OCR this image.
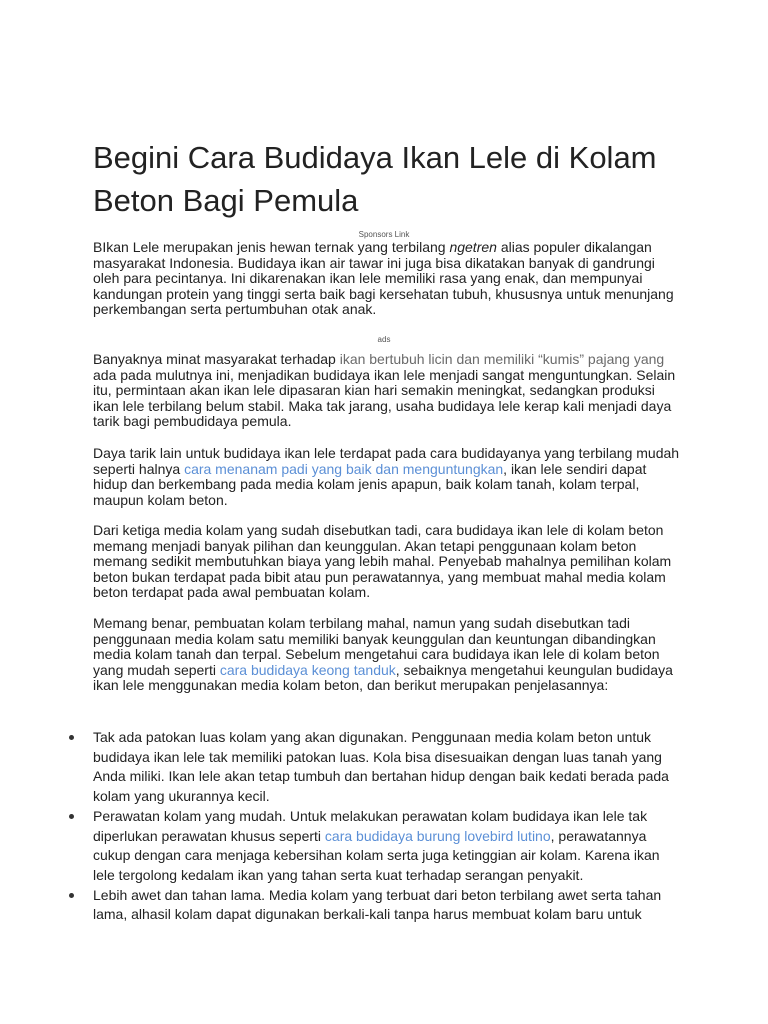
Begini Cara Budidaya Ikan Lele di Kolam Beton Bagi Pemula
Sponsors Link

BIkan Lele merupakan jenis hewan ternak yang terbilang ngetren alias populer dikalangan masyarakat Indonesia. Budidaya ikan air tawar ini juga bisa dikatakan banyak di gandrungi oleh para pecintanya. Ini dikarenakan ikan lele memiliki rasa yang enak, dan mempunyai kandungan protein yang tinggi serta baik bagi kersehatan tubuh, khususnya untuk menunjang perkembangan serta pertumbuhan otak anak.

ads

Banyaknya minat masyarakat terhadap ikan bertubuh licin dan memiliki “kumis” pajang yang ada pada mulutnya ini, menjadikan budidaya ikan lele menjadi sangat menguntungkan. Selain itu, permintaan akan ikan lele dipasaran kian hari semakin meningkat, sedangkan produksi ikan lele terbilang belum stabil. Maka tak jarang, usaha budidaya lele kerap kali menjadi daya tarik bagi pembudidaya pemula.

Daya tarik lain untuk budidaya ikan lele terdapat pada cara budidayanya yang terbilang mudah seperti halnya cara menanam padi yang baik dan menguntungkan, ikan lele sendiri dapat hidup dan berkembang pada media kolam jenis apapun, baik kolam tanah, kolam terpal, maupun kolam beton.

Dari ketiga media kolam yang sudah disebutkan tadi, cara budidaya ikan lele di kolam beton memang menjadi banyak pilihan dan keunggulan. Akan tetapi penggunaan kolam beton memang sedikit membutuhkan biaya yang lebih mahal. Penyebab mahalnya pemilihan kolam beton bukan terdapat pada bibit atau pun perawatannya, yang membuat mahal media kolam beton terdapat pada awal pembuatan kolam.

Memang benar, pembuatan kolam terbilang mahal, namun yang sudah disebutkan tadi penggunaan media kolam satu memiliki banyak keunggulan dan keuntungan dibandingkan media kolam tanah dan terpal. Sebelum mengetahui cara budidaya ikan lele di kolam beton yang mudah seperti cara budidaya keong tanduk, sebaiknya mengetahui keungulan budidaya ikan lele menggunakan media kolam beton, dan berikut merupakan penjelasannya:

Tak ada patokan luas kolam yang akan digunakan. Penggunaan media kolam beton untuk budidaya ikan lele tak memiliki patokan luas. Kola bisa disesuaikan dengan luas tanah yang Anda miliki. Ikan lele akan tetap tumbuh dan bertahan hidup dengan baik kedati berada pada kolam yang ukurannya kecil.
Perawatan kolam yang mudah. Untuk melakukan perawatan kolam budidaya ikan lele tak diperlukan perawatan khusus seperti cara budidaya burung lovebird lutino, perawatannya cukup dengan cara menjaga kebersihan kolam serta juga ketinggian air kolam. Karena ikan lele tergolong kedalam ikan yang tahan serta kuat terhadap serangan penyakit.
Lebih awet dan tahan lama. Media kolam yang terbuat dari beton terbilang awet serta tahan lama, alhasil kolam dapat digunakan berkali-kali tanpa harus membuat kolam baru untuk
